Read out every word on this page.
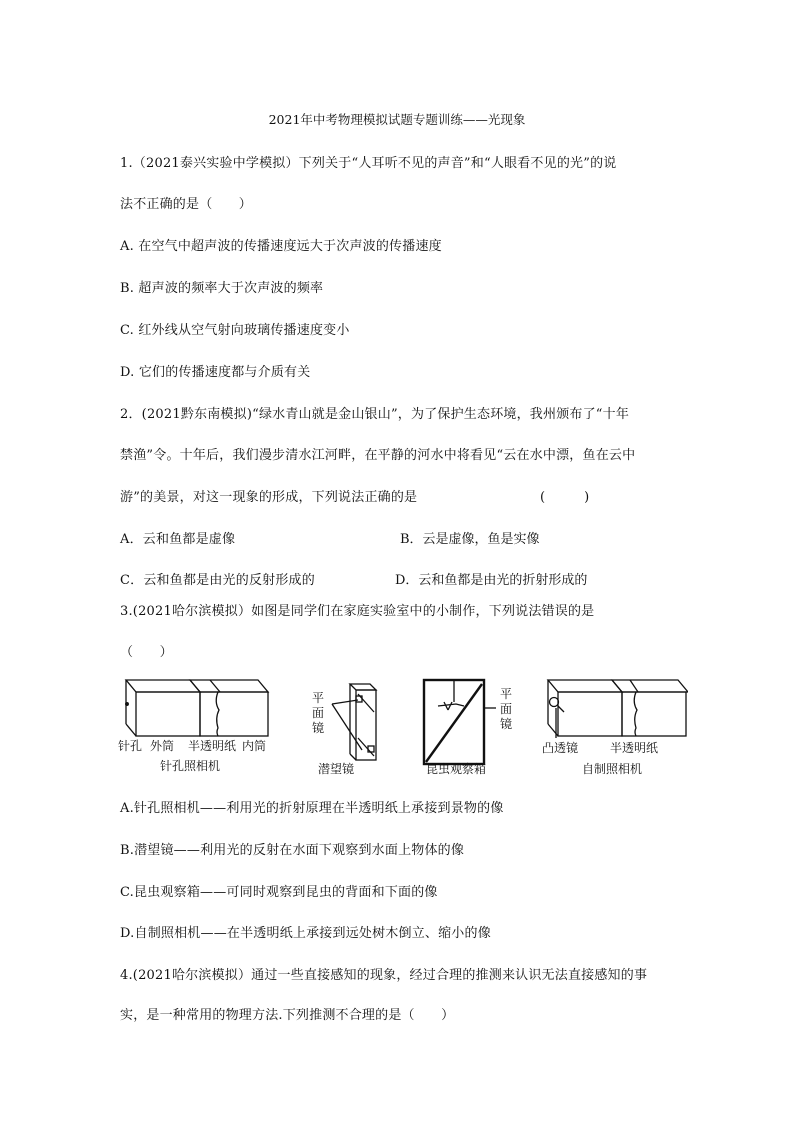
2021年中考物理模拟试题专题训练——光现象
1.（2021泰兴实验中学模拟）下列关于“人耳听不见的声音”和“人眼看不见的光”的说
法不正确的是（　　）
A. 在空气中超声波的传播速度远大于次声波的传播速度
B. 超声波的频率大于次声波的频率
C. 红外线从空气射向玻璃传播速度变小
D. 它们的传播速度都与介质有关
2．(2021黔东南模拟)“绿水青山就是金山银山”，为了保护生态环境，我州颁布了“十年
禁渔”令。十年后，我们漫步清水江河畔，在平静的河水中将看见“云在水中漂，鱼在云中
游”的美景，对这一现象的形成，下列说法正确的是	(　　　)
A．云和鱼都是虚像	B．云是虚像，鱼是实像
C．云和鱼都是由光的反射形成的	D．云和鱼都是由光的折射形成的
3.(2021哈尔滨模拟）如图是同学们在家庭实验室中的小制作，下列说法错误的是
（　　）
针孔 外筒 半透明纸 内筒
针孔照相机
平
面
镜
潜望镜
平
面
镜
昆虫观察箱
凸透镜	半透明纸
自制照相机
A.针孔照相机——利用光的折射原理在半透明纸上承接到景物的像
B.潜望镜——利用光的反射在水面下观察到水面上物体的像
C.昆虫观察箱——可同时观察到昆虫的背面和下面的像
D.自制照相机——在半透明纸上承接到远处树木倒立、缩小的像
4.(2021哈尔滨模拟）通过一些直接感知的现象，经过合理的推测来认识无法直接感知的事
实，是一种常用的物理方法.下列推测不合理的是（　　）
